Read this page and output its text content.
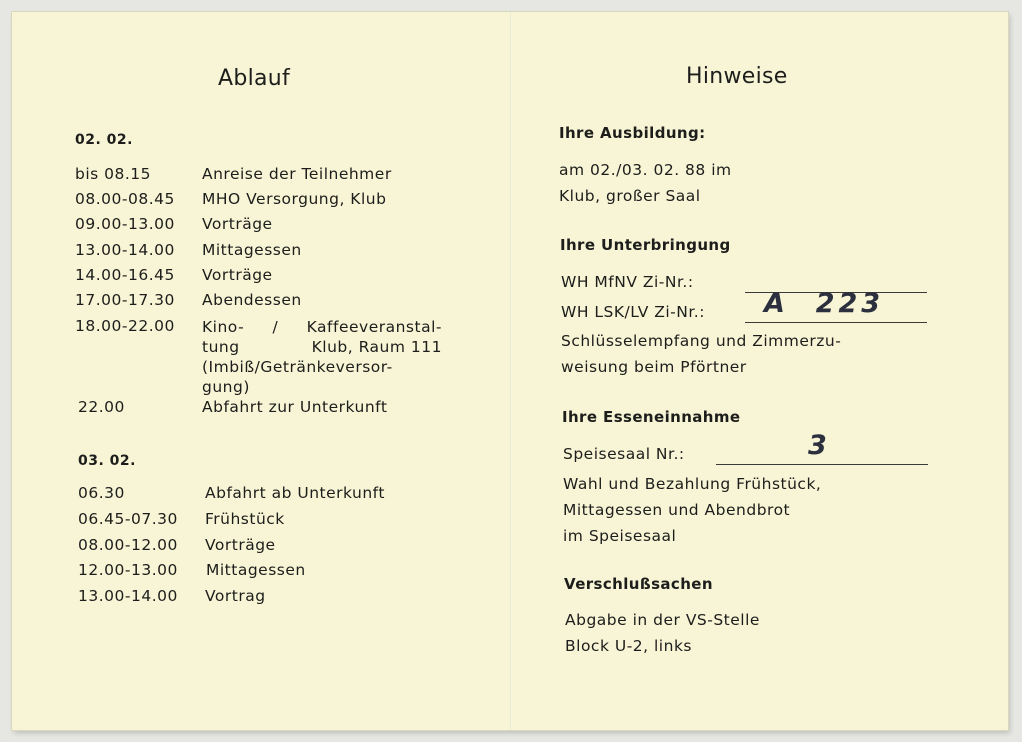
Ablauf
02. 02.
bis 08.15	Anreise der Teilnehmer
08.00-08.45 MHO Versorgung, Klub
09.00-13.00 Vorträge
13.00-14.00 Mittagessen
14.00-16.45 Vorträge
17.00-17.30 Abendessen
18.00-22.00 Kino- / Kaffeeveranstal-
tung	Klub, Raum 111
(Imbiß/Getränkeversor-
gung)
22.00	Abfahrt zur Unterkunft
03. 02.
06.30	Abfahrt ab Unterkunft
06.45-07.30 Frühstück
08.00-12.00 Vorträge
12.00-13.00 Mittagessen
13.00-14.00 Vortrag
Hinweise
Ihre Ausbildung:
am 02./03. 02. 88 im
Klub, großer Saal
Ihre Unterbringung
WH MfNV Zi-Nr.:
WH LSK/LV Zi-Nr.: A  223
Schlüsselempfang und Zimmerzu-
weisung beim Pförtner
Ihre Esseneinnahme
Speisesaal Nr.:	3
Wahl und Bezahlung Frühstück,
Mittagessen und Abendbrot
im Speisesaal
Verschlußsachen
Abgabe in der VS-Stelle
Block U-2, links
